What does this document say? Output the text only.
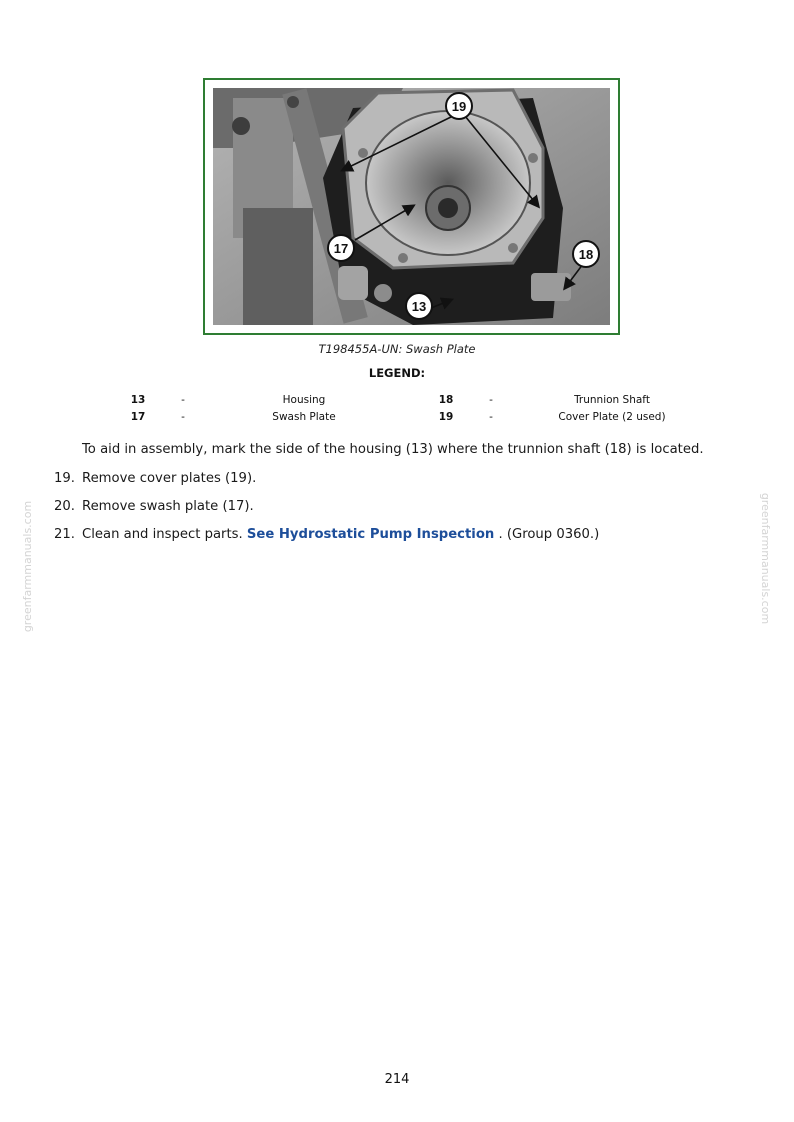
19
17	18
13
T198455A-UN: Swash Plate
LEGEND:
13	-	Housing	18	-	Trunnion Shaft
17	-	Swash Plate	19	-	Cover Plate (2 used)
To aid in assembly, mark the side of the housing (13) where the trunnion shaft (18) is located.
19. Remove cover plates (19).
20. Remove swash plate (17).
21. Clean and inspect parts. See Hydrostatic Pump Inspection . (Group 0360.)
greenfarmmanuals.com	greenfarmmanuals.com
214
